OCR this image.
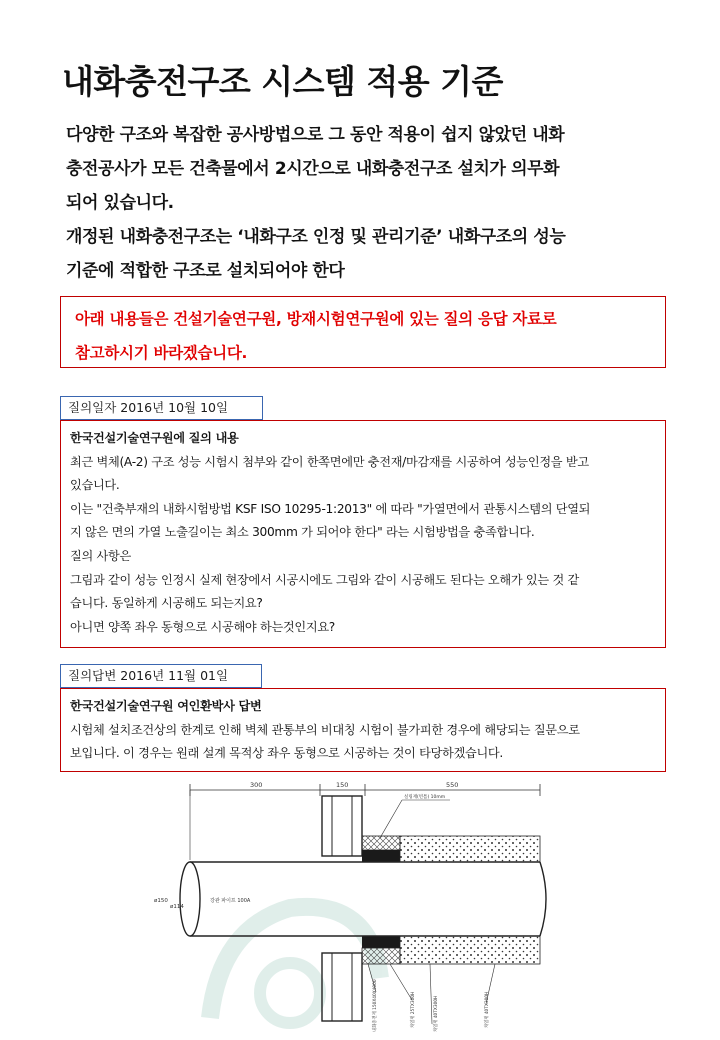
내화충전구조 시스템 적용 기준

다양한 구조와 복잡한 공사방법으로 그 동안 적용이 쉽지 않았던 내화

충전공사가 모든 건축물에서 2시간으로 내화충전구조 설치가 의무화

되어 있습니다.

개정된 내화충전구조는 ‘내화구조 인정 및 관리기준’ 내화구조의 성능

기준에 적합한 구조로 설치되어야 한다

아래 내용들은 건설기술연구원, 방재시험연구원에 있는 질의 응답 자료로

참고하시기 바라겠습니다.

질의일자 2016년 10월 10일

한국건설기술연구원에 질의 내용

최근 벽체(A-2) 구조 성능 시험시 첨부와 같이 한쪽면에만 충전재/마감재를 시공하여 성능인정을 받고

있습니다.

이는 "건축부재의 내화시험방법 KSF ISO 10295-1:2013" 에 따라 "가열면에서 관통시스템의 단열되

지 않은 면의 가열 노출길이는 최소 300mm 가 되어야 한다" 라는 시험방법을 충족합니다.

질의 사항은

그림과 같이 성능 인정시 실제 현장에서 시공시에도 그림와 같이 시공해도 된다는 오해가 있는 것 같

습니다. 동일하게 시공해도 되는지요?

아니면 양쪽 좌우 동형으로 시공해야 하는것인지요?

질의답변 2016년 11월 01일

한국건설기술연구원 여인환박사 답변

시험체 설치조건상의 한계로 인해 벽체 관통부의 비대칭 시험이 불가피한 경우에 해당되는 질문으로

보입니다. 이 경우는 원래 설계 목적상 좌우 동형으로 시공하는 것이 타당하겠습니다.

300	150	550
강관 파이프 100A
ø150
ø114
실링재(빈틈) 10mm
내화충전재 150X40X4000	차열재 25TX300H	차열재 40TX300H	차열재 40TX300H
